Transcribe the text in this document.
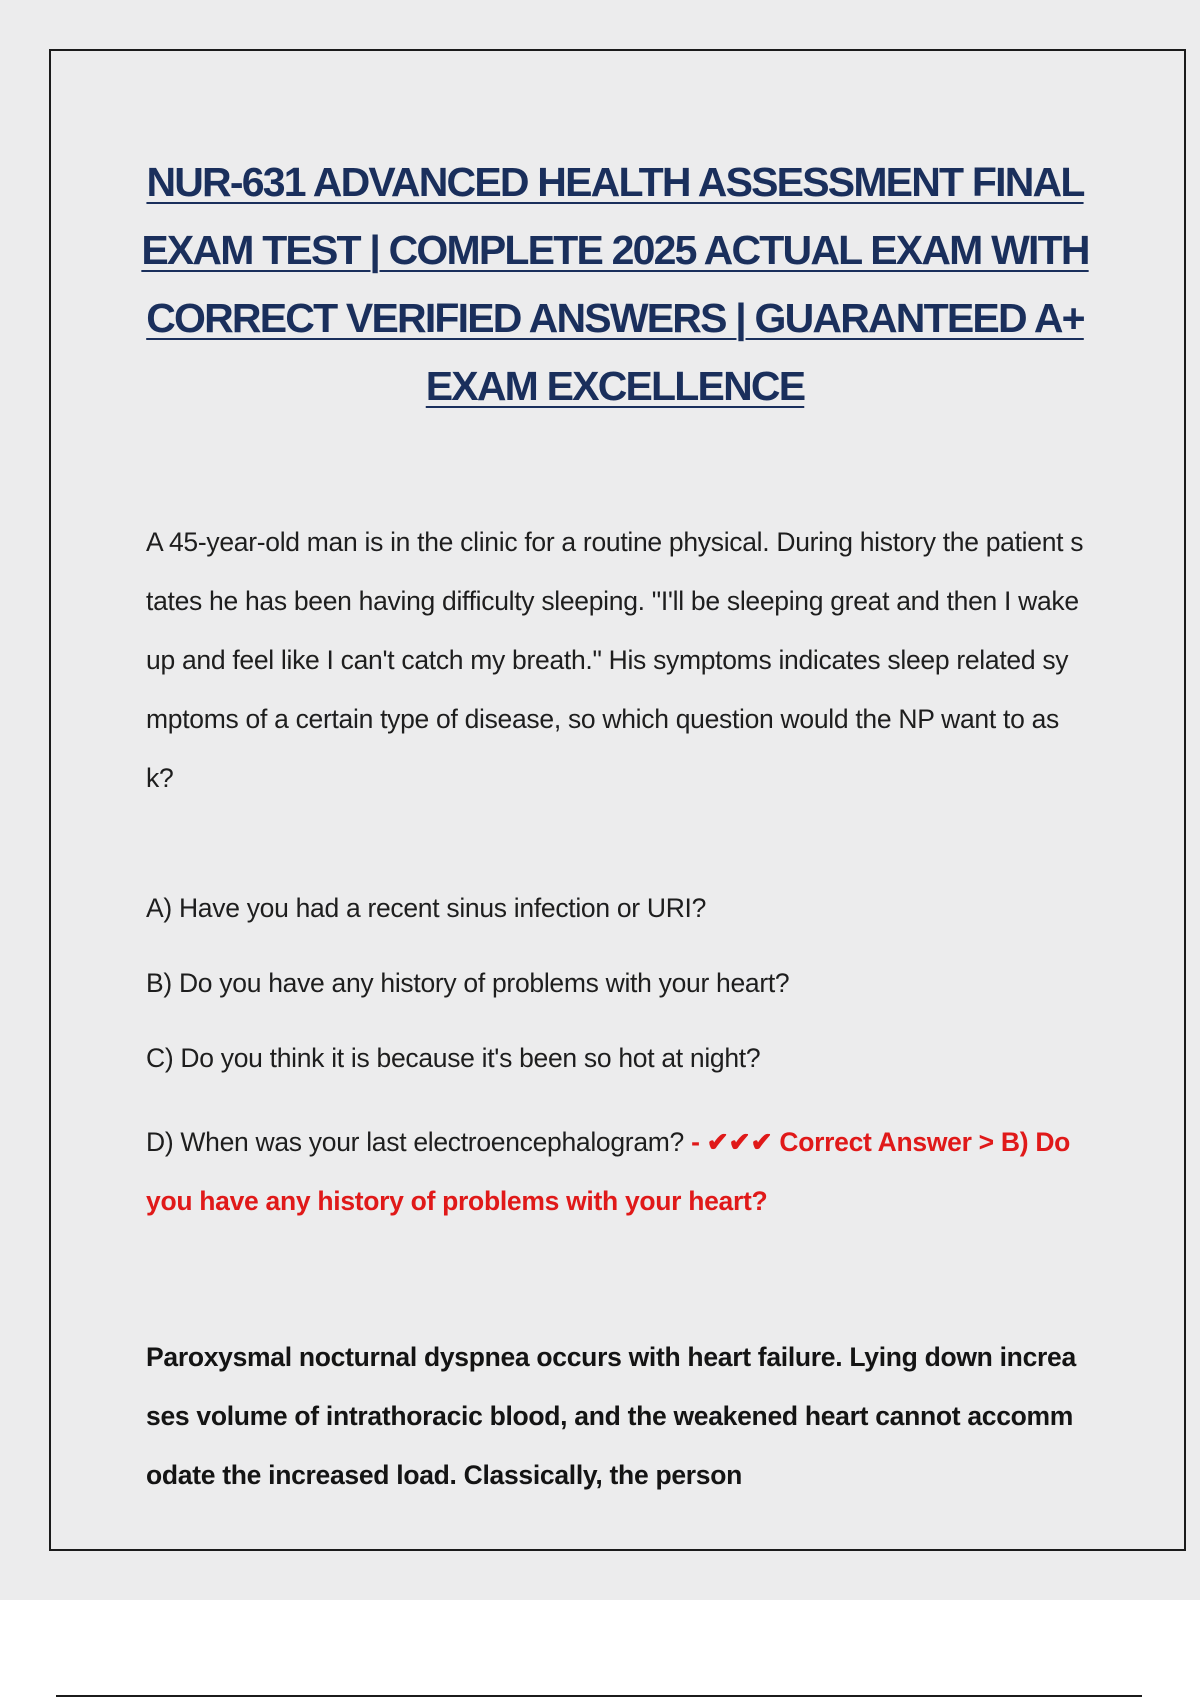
NUR-631 ADVANCED HEALTH ASSESSMENT FINAL EXAM TEST | COMPLETE 2025 ACTUAL EXAM WITH CORRECT VERIFIED ANSWERS | GUARANTEED A+ EXAM EXCELLENCE
A 45-year-old man is in the clinic for a routine physical. During history the patient states he has been having difficulty sleeping. "I'll be sleeping great and then I wake up and feel like I can't catch my breath." His symptoms indicates sleep related symptoms of a certain type of disease, so which question would the NP want to ask?
A) Have you had a recent sinus infection or URI?
B) Do you have any history of problems with your heart?
C) Do you think it is because it's been so hot at night?
D) When was your last electroencephalogram? - ✔✔✔ Correct Answer > B) Do you have any history of problems with your heart?
Paroxysmal nocturnal dyspnea occurs with heart failure. Lying down increases volume of intrathoracic blood, and the weakened heart cannot accommodate the increased load. Classically, the person
